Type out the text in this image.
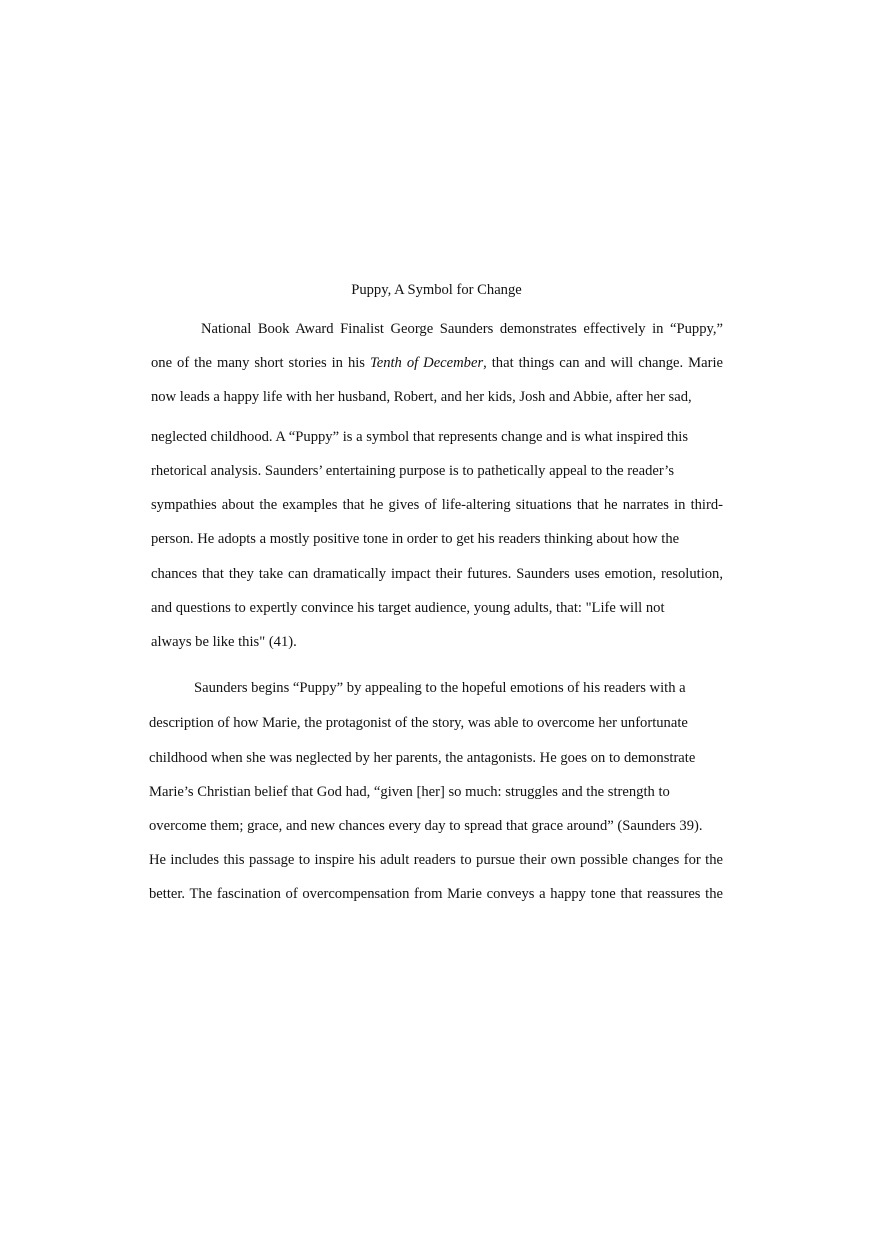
Puppy, A Symbol for Change
National Book Award Finalist George Saunders demonstrates effectively in “Puppy,”
one of the many short stories in his Tenth of December, that things can and will change. Marie
now leads a happy life with her husband, Robert, and her kids, Josh and Abbie, after her sad,
neglected childhood. A “Puppy” is a symbol that represents change and is what inspired this
rhetorical analysis. Saunders’ entertaining purpose is to pathetically appeal to the reader’s
sympathies about the examples that he gives of life-altering situations that he narrates in third-
person. He adopts a mostly positive tone in order to get his readers thinking about how the
chances that they take can dramatically impact their futures. Saunders uses emotion, resolution,
and questions to expertly convince his target audience, young adults, that: "Life will not
always be like this" (41).
Saunders begins “Puppy” by appealing to the hopeful emotions of his readers with a
description of how Marie, the protagonist of the story, was able to overcome her unfortunate
childhood when she was neglected by her parents, the antagonists. He goes on to demonstrate
Marie’s Christian belief that God had, “given [her] so much: struggles and the strength to
overcome them; grace, and new chances every day to spread that grace around” (Saunders 39).
He includes this passage to inspire his adult readers to pursue their own possible changes for the
better. The fascination of overcompensation from Marie conveys a happy tone that reassures the
